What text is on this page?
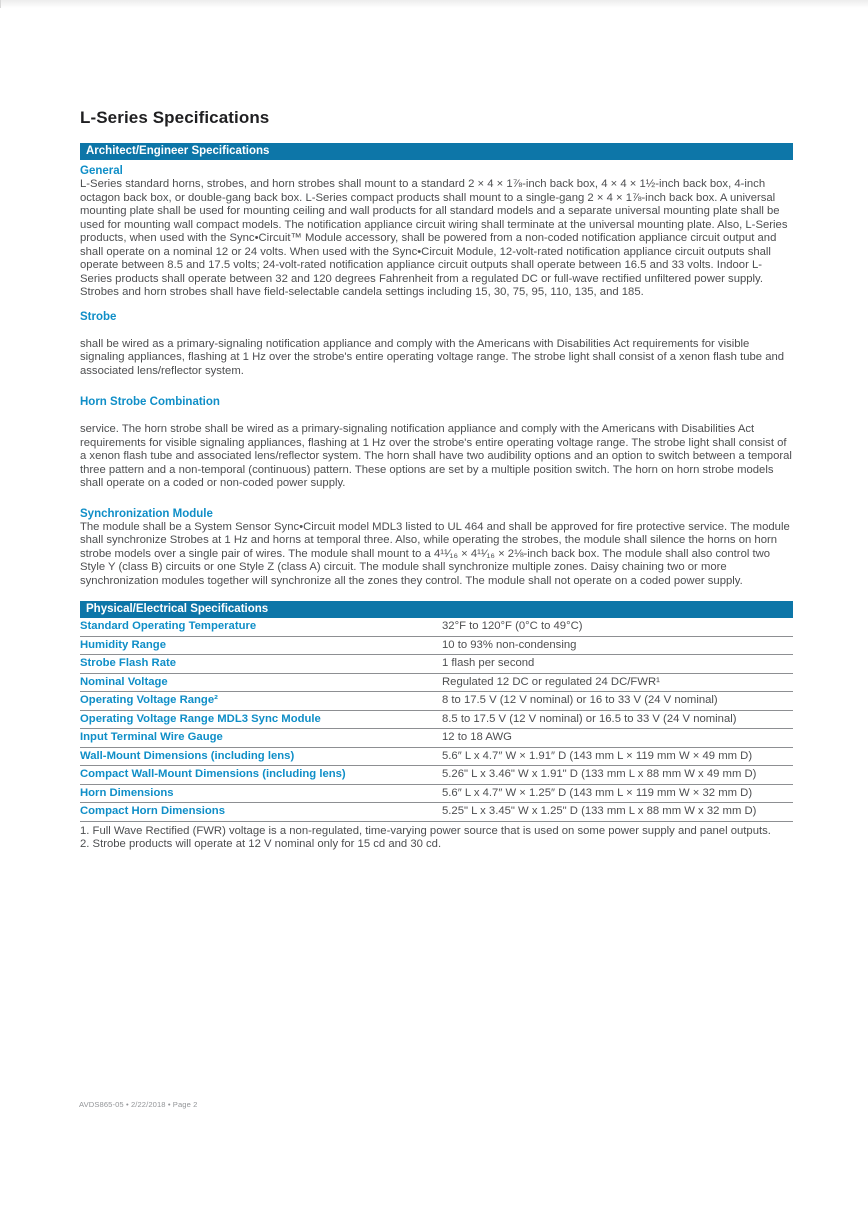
L-Series Specifications
Architect/Engineer Specifications
General

L-Series standard horns, strobes, and horn strobes shall mount to a standard 2 × 4 × 1⅞-inch back box, 4 × 4 × 1½-inch back box, 4-inch octagon back box, or double-gang back box. L-Series compact products shall mount to a single-gang 2 × 4 × 1⅞-inch back box. A universal mounting plate shall be used for mounting ceiling and wall products for all standard models and a separate universal mounting plate shall be used for mounting wall compact models. The notification appliance circuit wiring shall terminate at the universal mounting plate. Also, L-Series products, when used with the Sync•Circuit™ Module accessory, shall be powered from a non-coded notification appliance circuit output and shall operate on a nominal 12 or 24 volts. When used with the Sync•Circuit Module, 12-volt-rated notification appliance circuit outputs shall operate between 8.5 and 17.5 volts; 24-volt-rated notification appliance circuit outputs shall operate between 16.5 and 33 volts. Indoor L-Series products shall operate between 32 and 120 degrees Fahrenheit from a regulated DC or full-wave rectified unfiltered power supply. Strobes and horn strobes shall have field-selectable candela settings including 15, 30, 75, 95, 110, 135, and 185.

Strobe

shall be wired as a primary-signaling notification appliance and comply with the Americans with Disabilities Act requirements for visible signaling appliances, flashing at 1 Hz over the strobe's entire operating voltage range. The strobe light shall consist of a xenon flash tube and associated lens/reflector system.

Horn Strobe Combination

service. The horn strobe shall be wired as a primary-signaling notification appliance and comply with the Americans with Disabilities Act requirements for visible signaling appliances, flashing at 1 Hz over the strobe's entire operating voltage range. The strobe light shall consist of a xenon flash tube and associated lens/reflector system. The horn shall have two audibility options and an option to switch between a temporal three pattern and a non-temporal (continuous) pattern. These options are set by a multiple position switch. The horn on horn strobe models shall operate on a coded or non-coded power supply.

Synchronization Module

The module shall be a System Sensor Sync•Circuit model MDL3 listed to UL 464 and shall be approved for fire protective service. The module shall synchronize Strobes at 1 Hz and horns at temporal three. Also, while operating the strobes, the module shall silence the horns on horn strobe models over a single pair of wires. The module shall mount to a 4¹¹⁄₁₆ × 4¹¹⁄₁₆ × 2⅛-inch back box. The module shall also control two Style Y (class B) circuits or one Style Z (class A) circuit. The module shall synchronize multiple zones. Daisy chaining two or more synchronization modules together will synchronize all the zones they control. The module shall not operate on a coded power supply.

Physical/Electrical Specifications
Standard Operating Temperature	32°F to 120°F (0°C to 49°C)
Humidity Range	10 to 93% non-condensing
Strobe Flash Rate	1 flash per second
Nominal Voltage	Regulated 12 DC or regulated 24 DC/FWR¹
Operating Voltage Range²	8 to 17.5 V (12 V nominal) or 16 to 33 V (24 V nominal)
Operating Voltage Range MDL3 Sync Module	8.5 to 17.5 V (12 V nominal) or 16.5 to 33 V (24 V nominal)
Input Terminal Wire Gauge	12 to 18 AWG
Wall-Mount Dimensions (including lens)	5.6″ L x 4.7″ W × 1.91″ D (143 mm L × 119 mm W × 49 mm D)
Compact Wall-Mount Dimensions (including lens)	5.26" L x 3.46" W x 1.91" D (133 mm L x 88 mm W x 49 mm D)
Horn Dimensions	5.6″ L x 4.7″ W × 1.25″ D (143 mm L × 119 mm W × 32 mm D)
Compact Horn Dimensions	5.25" L x 3.45" W x 1.25" D (133 mm L x 88 mm W x 32 mm D)
1. Full Wave Rectified (FWR) voltage is a non-regulated, time-varying power source that is used on some power supply and panel outputs.
2. Strobe products will operate at 12 V nominal only for 15 cd and 30 cd.
AVDS865-05 • 2/22/2018 • Page 2
